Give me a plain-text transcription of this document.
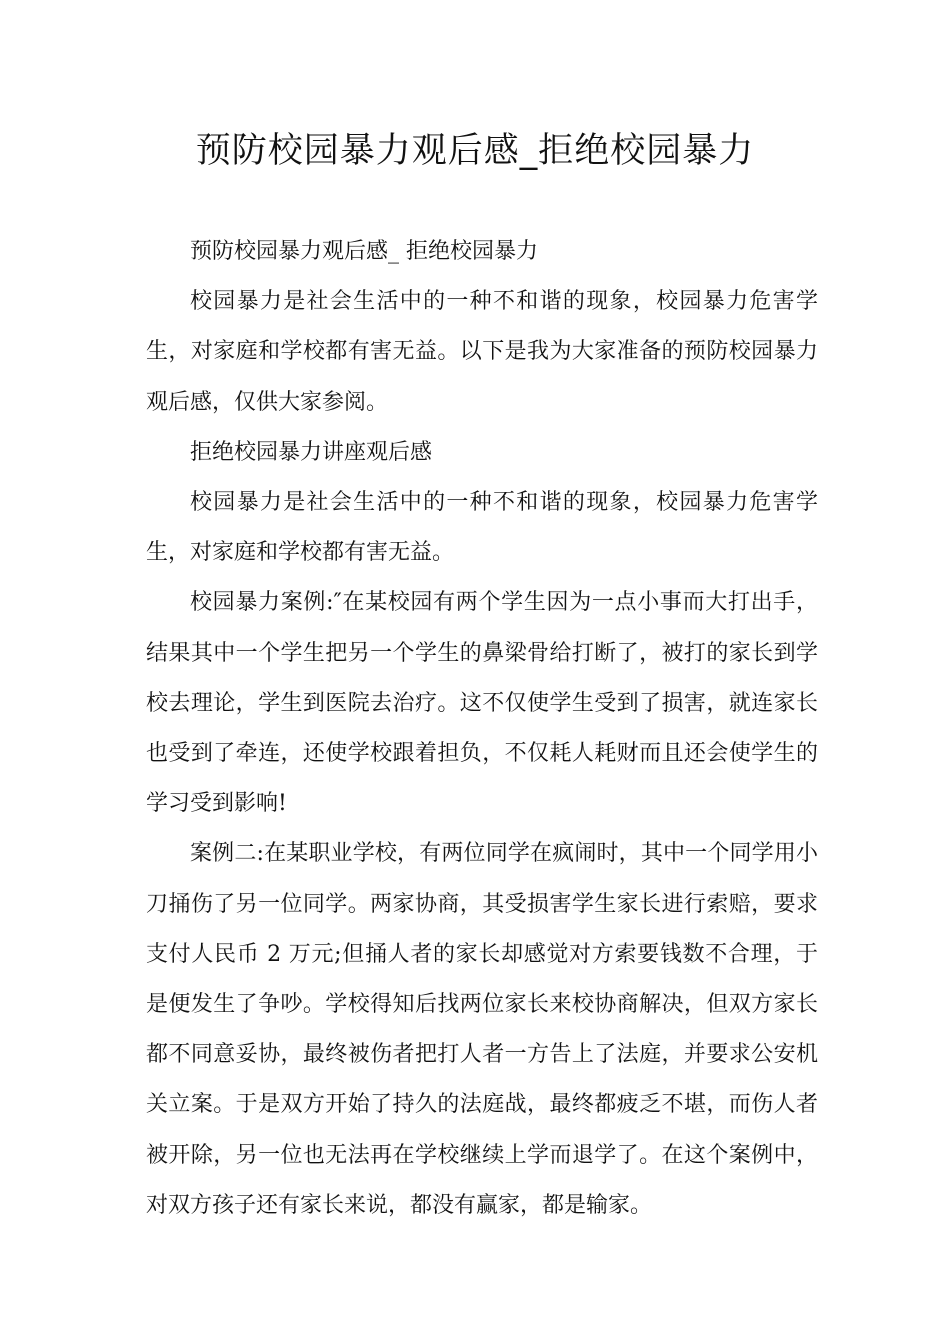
预防校园暴力观后感_拒绝校园暴力

预防校园暴力观后感_ 拒绝校园暴力

校园暴力是社会生活中的一种不和谐的现象，校园暴力危害学生，对家庭和学校都有害无益。以下是我为大家准备的预防校园暴力观后感，仅供大家参阅。

拒绝校园暴力讲座观后感

校园暴力是社会生活中的一种不和谐的现象，校园暴力危害学生，对家庭和学校都有害无益。

校园暴力案例:″在某校园有两个学生因为一点小事而大打出手，结果其中一个学生把另一个学生的鼻梁骨给打断了，被打的家长到学校去理论，学生到医院去治疗。这不仅使学生受到了损害，就连家长也受到了牵连，还使学校跟着担负，不仅耗人耗财而且还会使学生的学习受到影响!

案例二:在某职业学校，有两位同学在疯闹时，其中一个同学用小刀捅伤了另一位同学。两家协商，其受损害学生家长进行索赔，要求支付人民币 2 万元;但捅人者的家长却感觉对方索要钱数不合理，于是便发生了争吵。学校得知后找两位家长来校协商解决，但双方家长都不同意妥协，最终被伤者把打人者一方告上了法庭，并要求公安机关立案。于是双方开始了持久的法庭战，最终都疲乏不堪，而伤人者被开除，另一位也无法再在学校继续上学而退学了。在这个案例中，对双方孩子还有家长来说，都没有赢家，都是输家。
